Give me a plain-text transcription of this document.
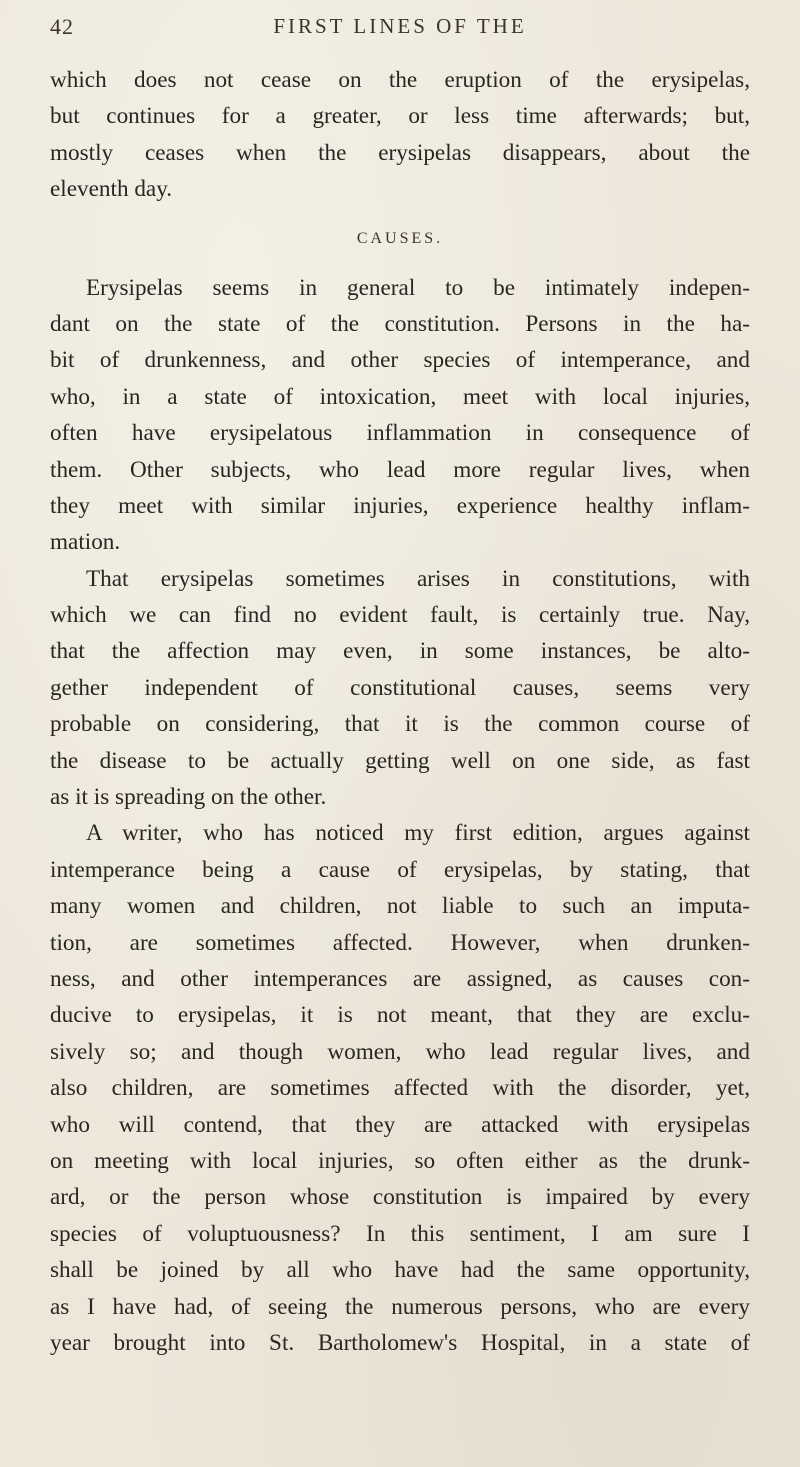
42	FIRST LINES OF THE
which does not cease on the eruption of the erysipelas,
but continues for a greater, or less time afterwards; but,
mostly ceases when the erysipelas disappears, about the
eleventh day.
CAUSES.
Erysipelas seems in general to be intimately indepen-
dant on the state of the constitution. Persons in the ha-
bit of drunkenness, and other species of intemperance, and
who, in a state of intoxication, meet with local injuries,
often have erysipelatous inflammation in consequence of
them. Other subjects, who lead more regular lives, when
they meet with similar injuries, experience healthy inflam-
mation.
That erysipelas sometimes arises in constitutions, with
which we can find no evident fault, is certainly true. Nay,
that the affection may even, in some instances, be alto-
gether independent of constitutional causes, seems very
probable on considering, that it is the common course of
the disease to be actually getting well on one side, as fast
as it is spreading on the other.
A writer, who has noticed my first edition, argues against
intemperance being a cause of erysipelas, by stating, that
many women and children, not liable to such an imputa-
tion, are sometimes affected. However, when drunken-
ness, and other intemperances are assigned, as causes con-
ducive to erysipelas, it is not meant, that they are exclu-
sively so; and though women, who lead regular lives, and
also children, are sometimes affected with the disorder, yet,
who will contend, that they are attacked with erysipelas
on meeting with local injuries, so often either as the drunk-
ard, or the person whose constitution is impaired by every
species of voluptuousness? In this sentiment, I am sure I
shall be joined by all who have had the same opportunity,
as I have had, of seeing the numerous persons, who are every
year brought into St. Bartholomew's Hospital, in a state of
